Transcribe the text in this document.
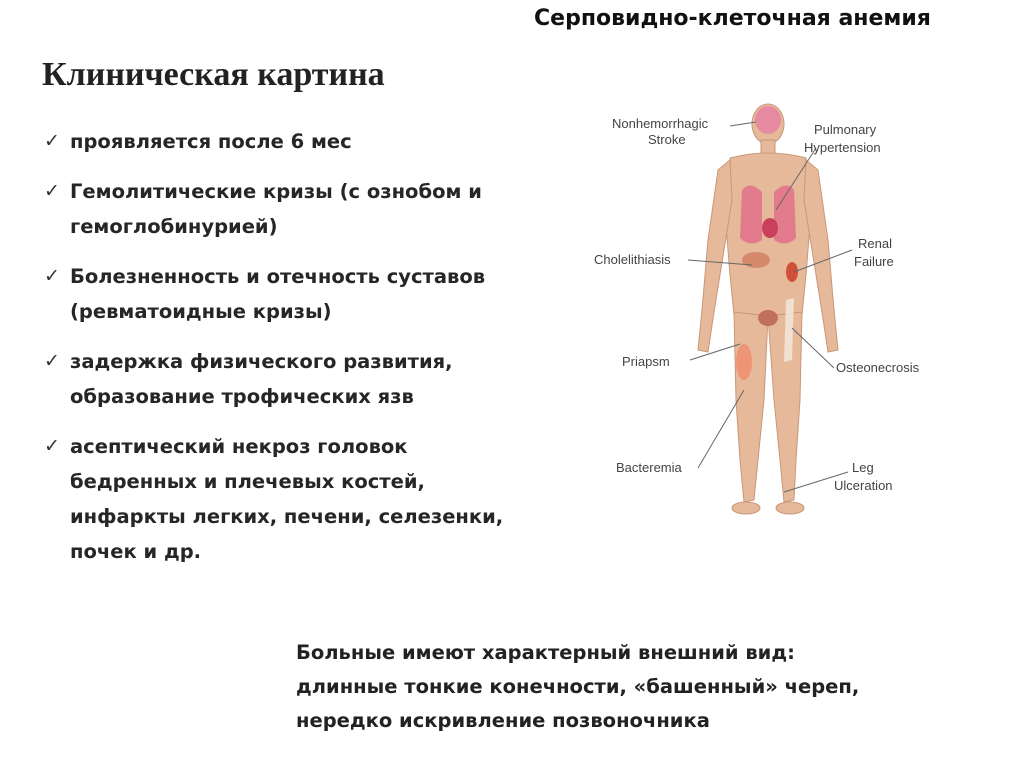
Серповидно-клеточная анемия
Клиническая картина
✓ проявляется после 6 мес
✓ Гемолитические кризы (с ознобом и гемоглобинурией)
✓ Болезненность и отечность суставов (ревматоидные кризы)
✓ задержка физического развития, образование трофических язв
✓ асептический некроз головок бедренных и плечевых костей, инфаркты легких, печени, селезенки, почек и др.
Nonhemorrhagic
Stroke
Pulmonary
Hypertension
Cholelithiasis
Renal
Failure
Priapsm	Osteonecrosis
Bacteremia	Leg
Ulceration
Больные имеют характерный внешний вид:
длинные тонкие конечности, «башенный» череп,
нередко искривление позвоночника
